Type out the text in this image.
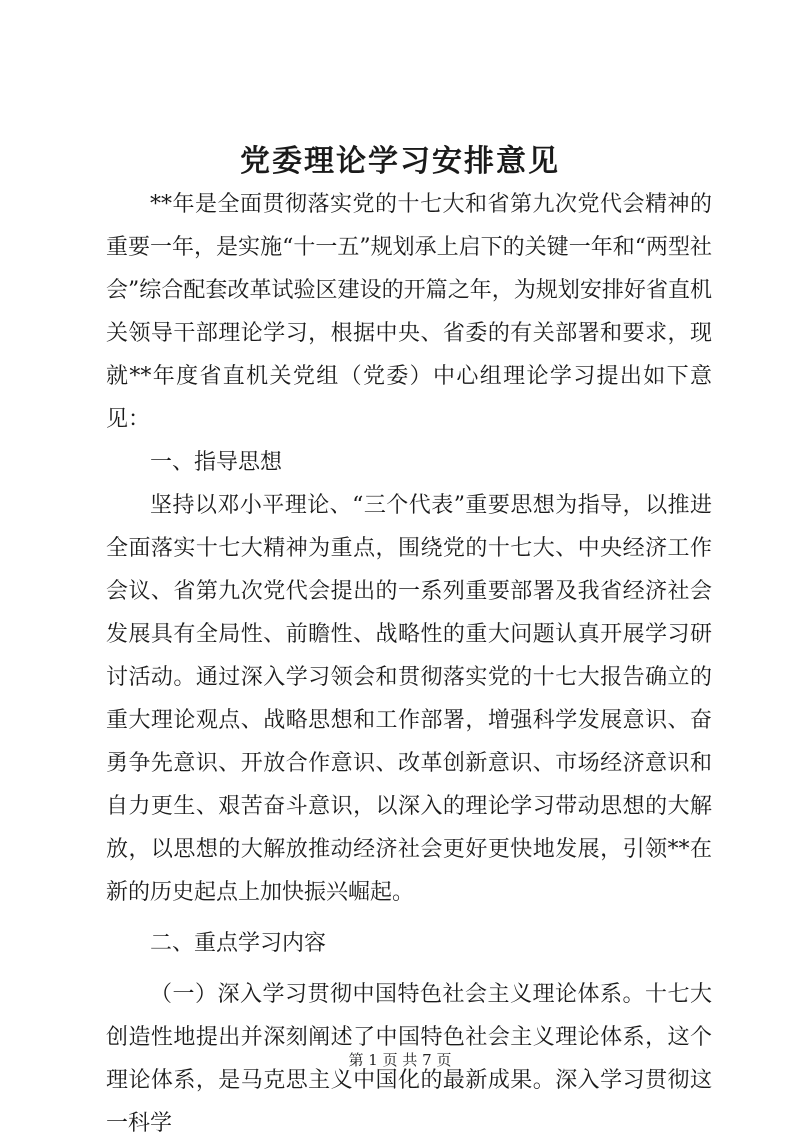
党委理论学习安排意见

**年是全面贯彻落实党的十七大和省第九次党代会精神的重要一年，是实施“十一五”规划承上启下的关键一年和“两型社会”综合配套改革试验区建设的开篇之年，为规划安排好省直机关领导干部理论学习，根据中央、省委的有关部署和要求，现就**年度省直机关党组（党委）中心组理论学习提出如下意见：

一、指导思想

坚持以邓小平理论、“三个代表”重要思想为指导，以推进全面落实十七大精神为重点，围绕党的十七大、中央经济工作会议、省第九次党代会提出的一系列重要部署及我省经济社会发展具有全局性、前瞻性、战略性的重大问题认真开展学习研讨活动。通过深入学习领会和贯彻落实党的十七大报告确立的重大理论观点、战略思想和工作部署，增强科学发展意识、奋勇争先意识、开放合作意识、改革创新意识、市场经济意识和自力更生、艰苦奋斗意识，以深入的理论学习带动思想的大解放，以思想的大解放推动经济社会更好更快地发展，引领**在新的历史起点上加快振兴崛起。

二、重点学习内容

（一）深入学习贯彻中国特色社会主义理论体系。十七大创造性地提出并深刻阐述了中国特色社会主义理论体系，这个理论体系，是马克思主义中国化的最新成果。深入学习贯彻这一科学

第 1 页 共 7 页
